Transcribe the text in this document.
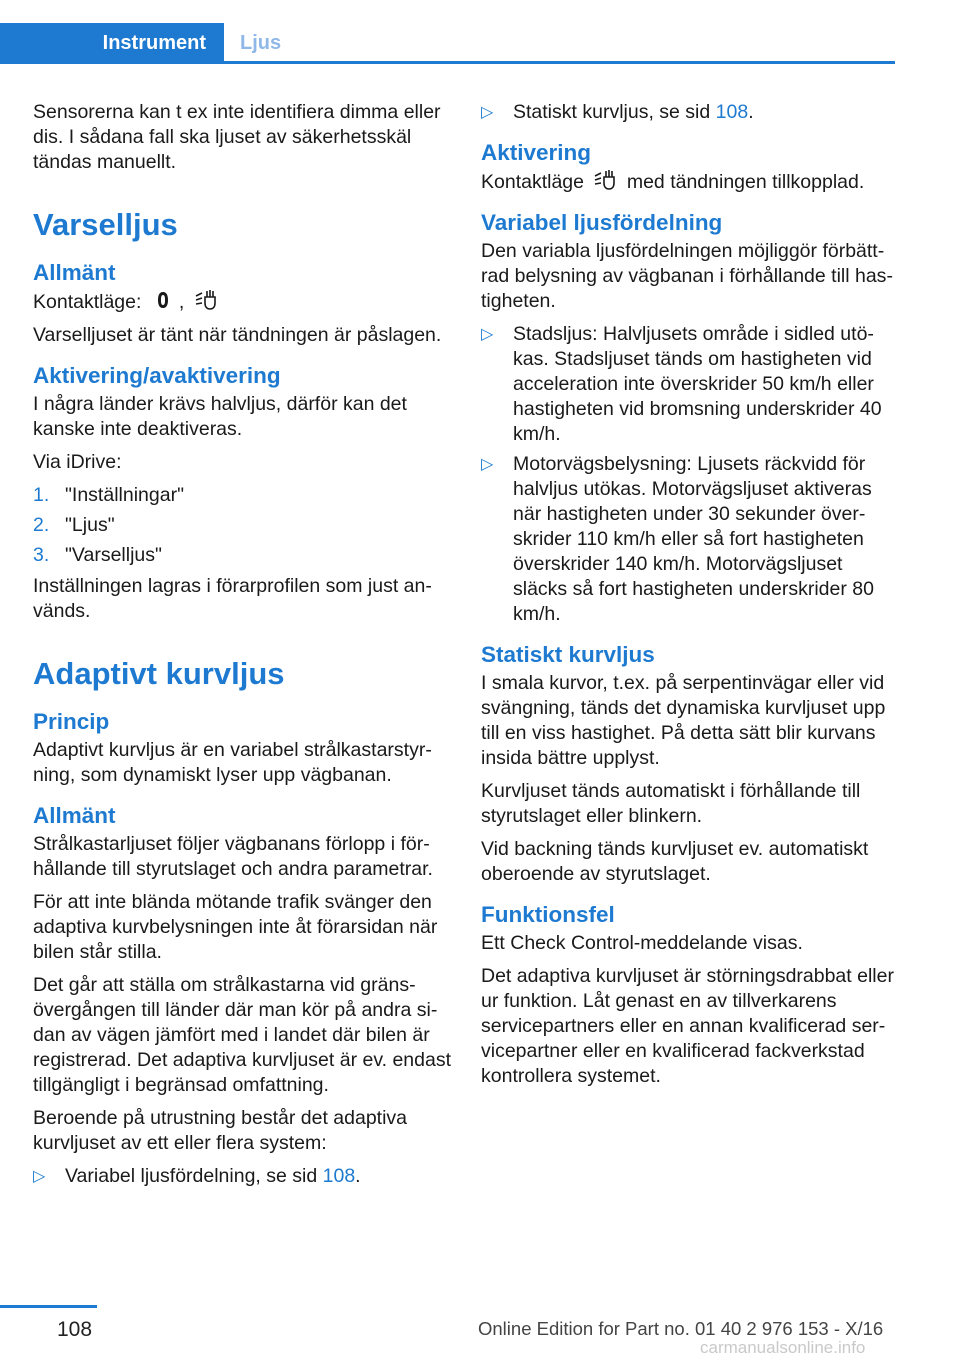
Instrument	Ljus

Sensorerna kan t ex inte identifiera dimma eller dis. I sådana fall ska ljuset av säkerhetsskäl tändas manuellt.

Varselljus
Allmänt

Kontaktläge: ,

Varselljuset är tänt när tändningen är påslagen.

Aktivering/avaktivering

I några länder krävs halvljus, därför kan det kanske inte deaktiveras.

Via iDrive:

1. "Inställningar"
2. "Ljus"
3. "Varselljus"

Inställningen lagras i förarprofilen som just används.

Adaptivt kurvljus
Princip

Adaptivt kurvljus är en variabel strålkastarstyrning, som dynamiskt lyser upp vägbanan.

Allmänt

Strålkastarljuset följer vägbanans förlopp i förhållande till styrutslaget och andra parametrar.

För att inte blända mötande trafik svänger den adaptiva kurvbelysningen inte åt förarsidan när bilen står stilla.

Det går att ställa om strålkastarna vid gränsövergången till länder där man kör på andra sidan av vägen jämfört med i landet där bilen är registrerad. Det adaptiva kurvljuset är ev. endast tillgängligt i begränsad omfattning.

Beroende på utrustning består det adaptiva kurvljuset av ett eller flera system:

▷ Variabel ljusfördelning, se sid 108.
▷ Statiskt kurvljus, se sid 108.
Aktivering

Kontaktläge med tändningen tillkopplad.

Variabel ljusfördelning

Den variabla ljusfördelningen möjliggör förbättrad belysning av vägbanan i förhållande till hastigheten.

▷ Stadsljus: Halvljusets område i sidled utökas. Stadsljuset tänds om hastigheten vid acceleration inte överskrider 50 km/h eller hastigheten vid bromsning underskrider 40 km/h.
▷ Motorvägsbelysning: Ljusets räckvidd för halvljus utökas. Motorvägsljuset aktiveras när hastigheten under 30 sekunder överskrider 110 km/h eller så fort hastigheten överskrider 140 km/h. Motorvägsljuset släcks så fort hastigheten underskrider 80 km/h.
Statiskt kurvljus

I smala kurvor, t.ex. på serpentinvägar eller vid svängning, tänds det dynamiska kurvljuset upp till en viss hastighet. På detta sätt blir kurvans insida bättre upplyst.

Kurvljuset tänds automatiskt i förhållande till styrutslaget eller blinkern.

Vid backning tänds kurvljuset ev. automatiskt oberoende av styrutslaget.

Funktionsfel

Ett Check Control-meddelande visas.

Det adaptiva kurvljuset är störningsdrabbat eller ur funktion. Låt genast en av tillverkarens servicepartners eller en annan kvalificerad servicepartner eller en kvalificerad fackverkstad kontrollera systemet.

108	Online Edition for Part no. 01 40 2 976 153 - X/16
carmanualsonline.info
